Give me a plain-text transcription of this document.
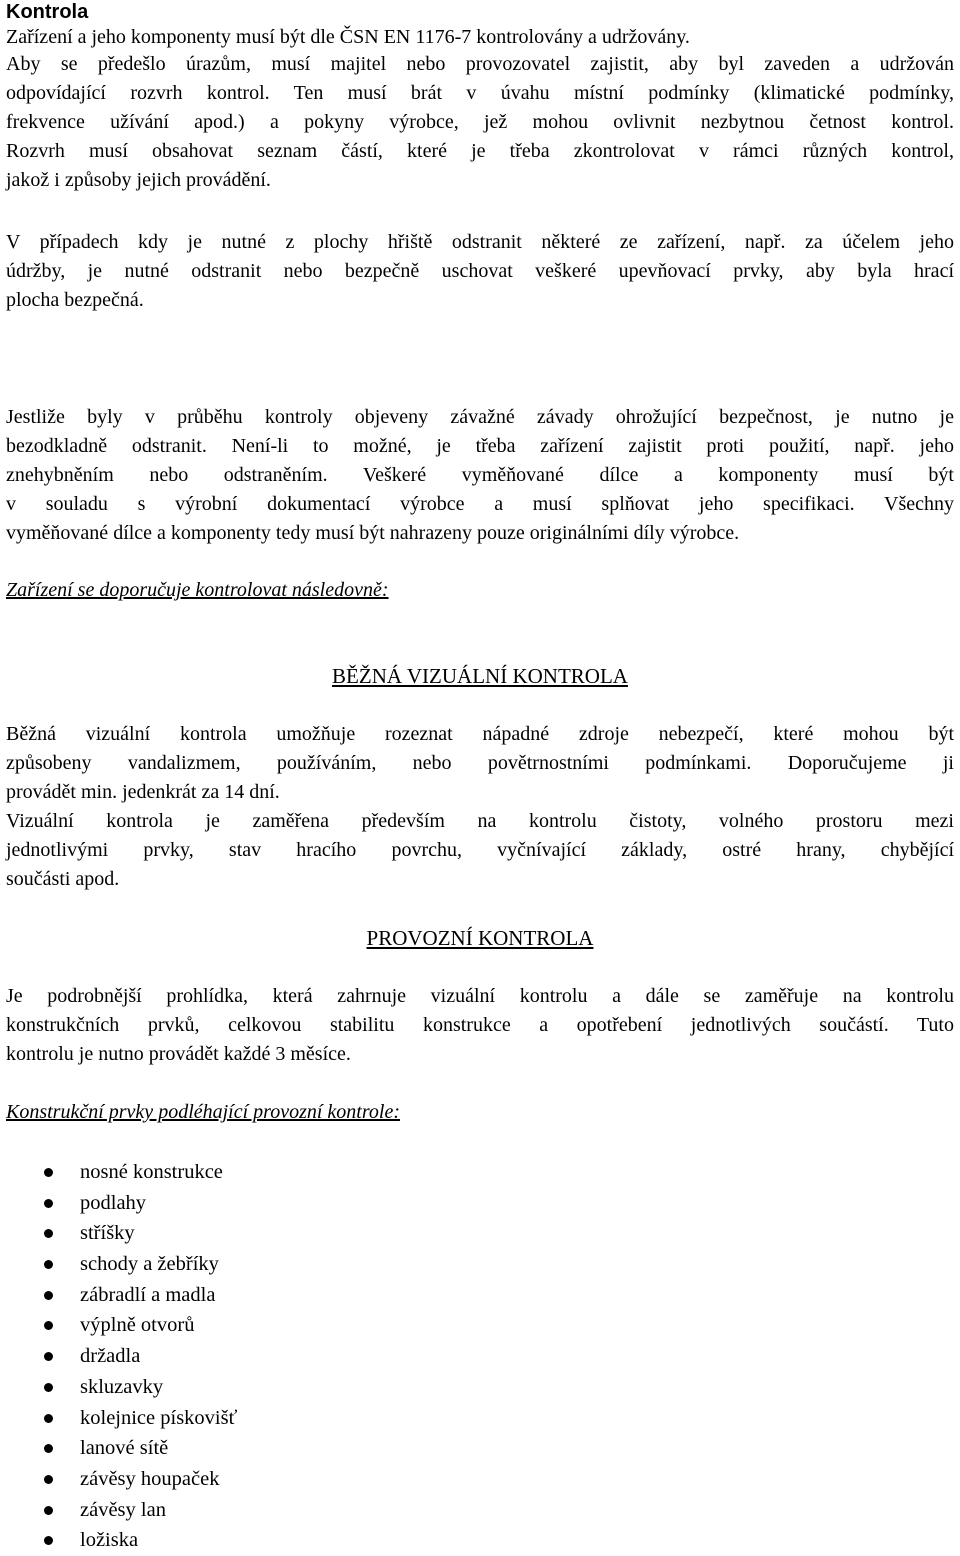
Kontrola
Zařízení a jeho komponenty musí být dle ČSN EN 1176-7 kontrolovány a udržovány.
Aby se předešlo úrazům, musí majitel nebo provozovatel zajistit, aby byl zaveden a udržován
odpovídající rozvrh kontrol. Ten musí brát v úvahu místní podmínky (klimatické podmínky,
frekvence užívání apod.) a pokyny výrobce, jež mohou ovlivnit nezbytnou četnost kontrol.
Rozvrh musí obsahovat seznam částí, které je třeba zkontrolovat v rámci různých kontrol,
jakož i způsoby jejich provádění.
V případech kdy je nutné z plochy hřiště odstranit některé ze zařízení, např. za účelem jeho
údržby, je nutné odstranit nebo bezpečně uschovat veškeré upevňovací prvky, aby byla hrací
plocha bezpečná.
Jestliže byly v průběhu kontroly objeveny závažné závady ohrožující bezpečnost, je nutno je
bezodkladně odstranit. Není-li to možné, je třeba zařízení zajistit proti použití, např. jeho
znehybněním nebo odstraněním. Veškeré vyměňované dílce a komponenty musí být
v souladu s výrobní dokumentací výrobce a musí splňovat jeho specifikaci. Všechny
vyměňované dílce a komponenty tedy musí být nahrazeny pouze originálními díly výrobce.
Zařízení se doporučuje kontrolovat následovně:
BĚŽNÁ VIZUÁLNÍ KONTROLA
Běžná vizuální kontrola umožňuje rozeznat nápadné zdroje nebezpečí, které mohou být
způsobeny vandalizmem, používáním, nebo povětrnostními podmínkami. Doporučujeme ji
provádět min. jedenkrát za 14 dní.
Vizuální kontrola je zaměřena především na kontrolu čistoty, volného prostoru mezi
jednotlivými prvky, stav hracího povrchu, vyčnívající základy, ostré hrany, chybějící
součásti apod.
PROVOZNÍ KONTROLA
Je podrobnější prohlídka, která zahrnuje vizuální kontrolu a dále se zaměřuje na kontrolu
konstrukčních prvků, celkovou stabilitu konstrukce a opotřebení jednotlivých součástí. Tuto
kontrolu je nutno provádět každé 3 měsíce.
Konstrukční prvky podléhající provozní kontrole:
nosné konstrukce
podlahy
stříšky
schody a žebříky
zábradlí a madla
výplně otvorů
držadla
skluzavky
kolejnice pískovišť
lanové sítě
závěsy houpaček
závěsy lan
ložiska
